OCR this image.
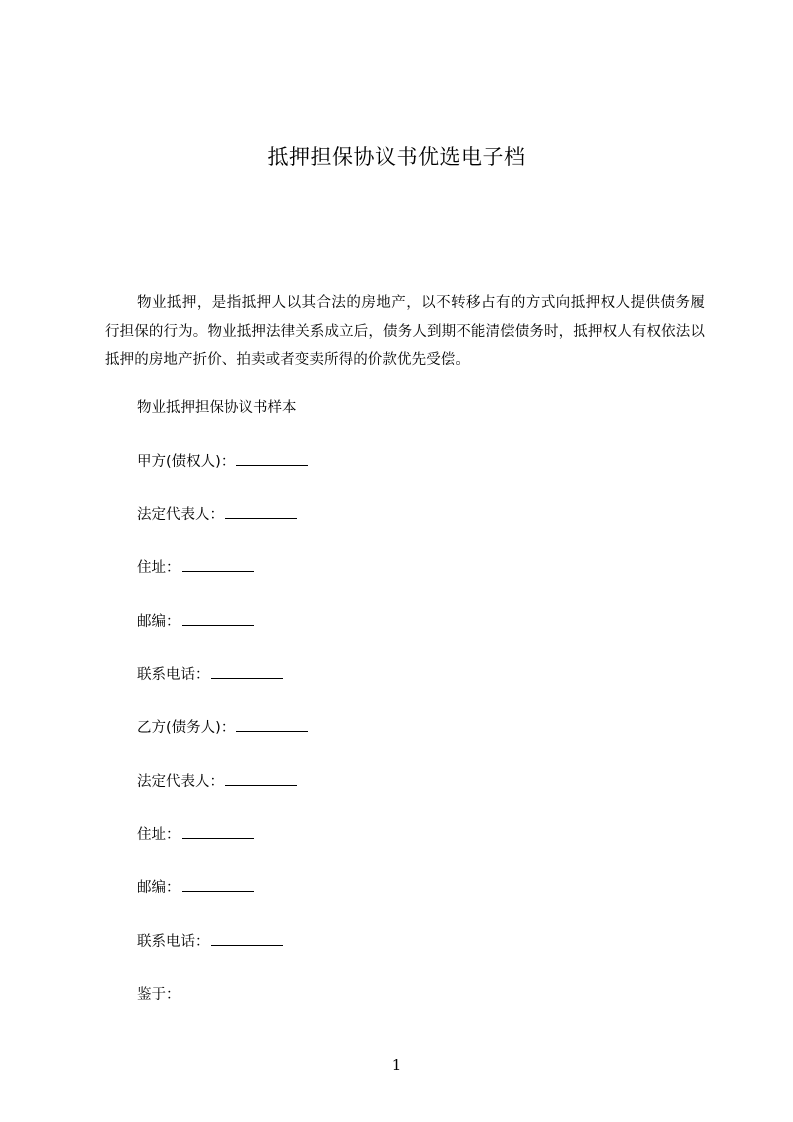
抵押担保协议书优选电子档
物业抵押，是指抵押人以其合法的房地产，以不转移占有的方式向抵押权人提供债务履行担保的行为。物业抵押法律关系成立后，债务人到期不能清偿债务时，抵押权人有权依法以抵押的房地产折价、拍卖或者变卖所得的价款优先受偿。
物业抵押担保协议书样本
甲方(债权人)：
法定代表人：
住址：
邮编：
联系电话：
乙方(债务人)：
法定代表人：
住址：
邮编：
联系电话：
鉴于：
1
